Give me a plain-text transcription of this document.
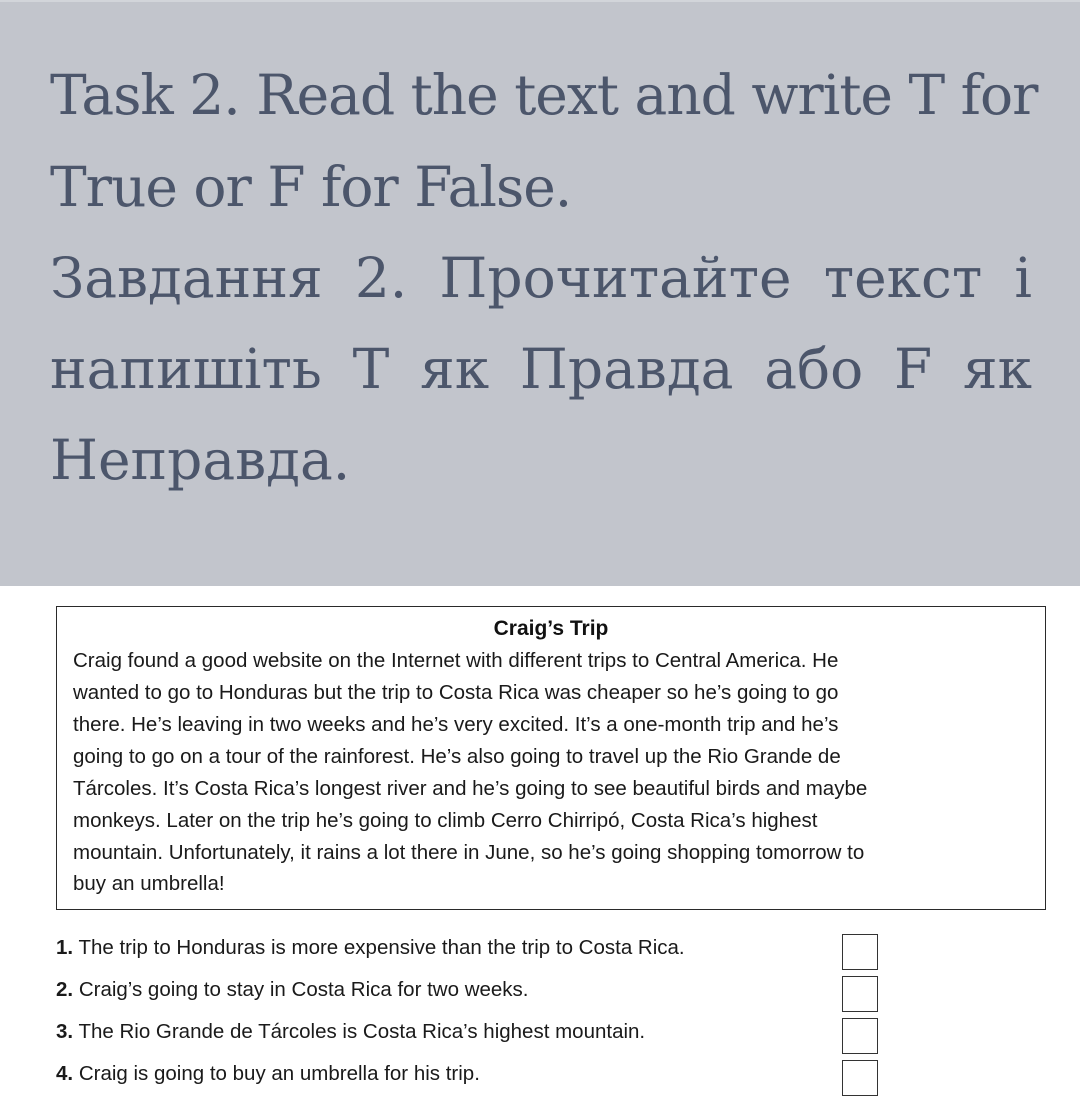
Task 2. Read the text and write T for
True or F for False.
Завдання 2. Прочитайте текст і
напишіть T як Правда або F як
Неправда.
Craig’s Trip
Craig found a good website on the Internet with different trips to Central America. He
wanted to go to Honduras but the trip to Costa Rica was cheaper so he’s going to go
there. He’s leaving in two weeks and he’s very excited. It’s a one-month trip and he’s
going to go on a tour of the rainforest. He’s also going to travel up the Rio Grande de
Tárcoles. It’s Costa Rica’s longest river and he’s going to see beautiful birds and maybe
monkeys. Later on the trip he’s going to climb Cerro Chirripó, Costa Rica’s highest
mountain. Unfortunately, it rains a lot there in June, so he’s going shopping tomorrow to
buy an umbrella!
1. The trip to Honduras is more expensive than the trip to Costa Rica.
2. Craig’s going to stay in Costa Rica for two weeks.
3. The Rio Grande de Tárcoles is Costa Rica’s highest mountain.
4. Craig is going to buy an umbrella for his trip.
